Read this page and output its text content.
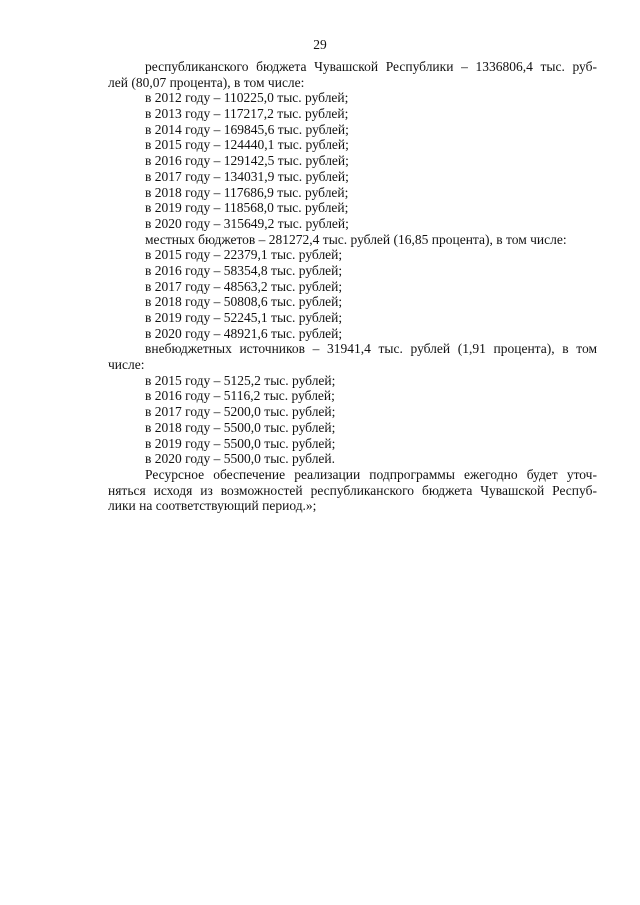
29
республиканского бюджета Чувашской Республики – 1336806,4 тыс. руб-
лей (80,07 процента), в том числе:
в 2012 году – 110225,0 тыс. рублей;
в 2013 году – 117217,2 тыс. рублей;
в 2014 году – 169845,6 тыс. рублей;
в 2015 году – 124440,1 тыс. рублей;
в 2016 году – 129142,5 тыс. рублей;
в 2017 году – 134031,9 тыс. рублей;
в 2018 году – 117686,9 тыс. рублей;
в 2019 году – 118568,0 тыс. рублей;
в 2020 году – 315649,2 тыс. рублей;
местных бюджетов – 281272,4 тыс. рублей (16,85 процента), в том числе:
в 2015 году – 22379,1 тыс. рублей;
в 2016 году – 58354,8 тыс. рублей;
в 2017 году – 48563,2 тыс. рублей;
в 2018 году – 50808,6 тыс. рублей;
в 2019 году – 52245,1 тыс. рублей;
в 2020 году – 48921,6 тыс. рублей;
внебюджетных источников – 31941,4 тыс. рублей (1,91 процента), в том
числе:
в 2015 году – 5125,2 тыс. рублей;
в 2016 году – 5116,2 тыс. рублей;
в 2017 году – 5200,0 тыс. рублей;
в 2018 году – 5500,0 тыс. рублей;
в 2019 году – 5500,0 тыс. рублей;
в 2020 году – 5500,0 тыс. рублей.
Ресурсное обеспечение реализации подпрограммы ежегодно будет уточ-
няться исходя из возможностей республиканского бюджета Чувашской Респуб-
лики на соответствующий период.»;
